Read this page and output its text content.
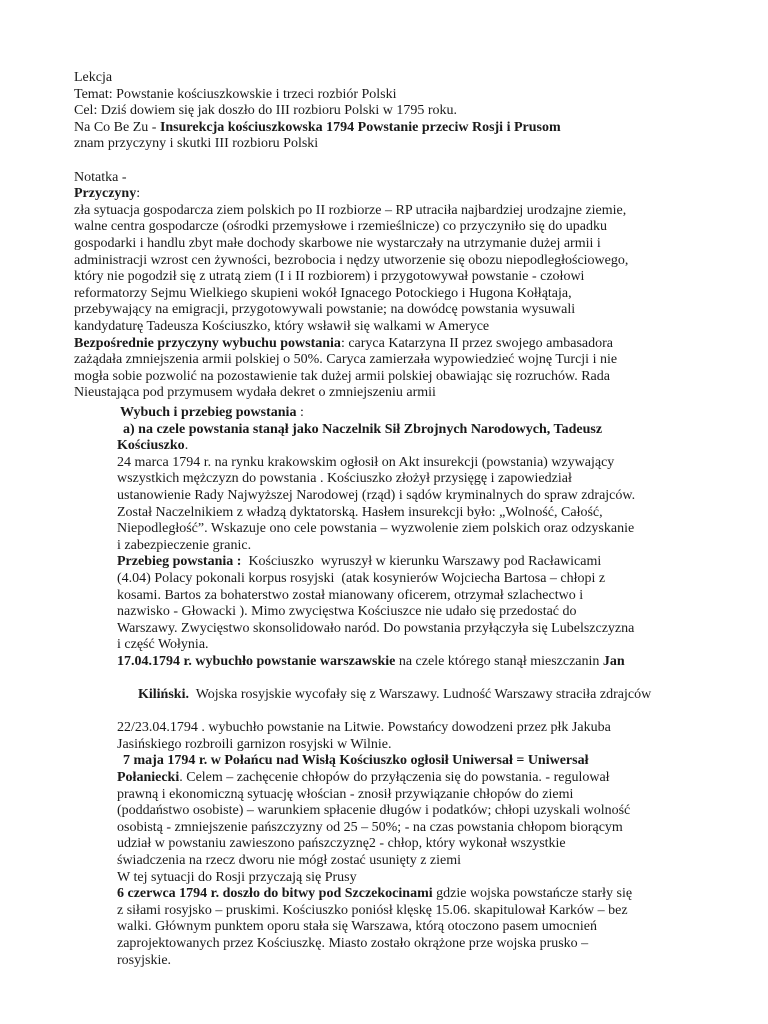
Lekcja
Temat: Powstanie kościuszkowskie i trzeci rozbiór Polski
Cel: Dziś dowiem się jak doszło do III rozbioru Polski w 1795 roku.
Na Co Be Zu - Insurekcja kościuszkowska 1794 Powstanie przeciw Rosji i Prusom
znam przyczyny i skutki III rozbioru Polski
Notatka -
Przyczyny:
zła sytuacja gospodarcza ziem polskich po II rozbiorze – RP utraciła najbardziej urodzajne ziemie,
walne centra gospodarcze (ośrodki przemysłowe i rzemieślnicze) co przyczyniło się do upadku
gospodarki i handlu zbyt małe dochody skarbowe nie wystarczały na utrzymanie dużej armii i
administracji wzrost cen żywności, bezrobocia i nędzy utworzenie się obozu niepodległościowego,
który nie pogodził się z utratą ziem (I i II rozbiorem) i przygotowywał powstanie - czołowi
reformatorzy Sejmu Wielkiego skupieni wokół Ignacego Potockiego i Hugona Kołłątaja,
przebywający na emigracji, przygotowywali powstanie; na dowódcę powstania wysuwali
kandydaturę Tadeusza Kościuszko, który wsławił się walkami w Ameryce
Bezpośrednie przyczyny wybuchu powstania: caryca Katarzyna II przez swojego ambasadora
zażądała zmniejszenia armii polskiej o 50%. Caryca zamierzała wypowiedzieć wojnę Turcji i nie
mogła sobie pozwolić na pozostawienie tak dużej armii polskiej obawiając się rozruchów. Rada
Nieustająca pod przymusem wydała dekret o zmniejszeniu armii
Wybuch i przebieg powstania :
a) na czele powstania stanął jako Naczelnik Sił Zbrojnych Narodowych, Tadeusz
Kościuszko.
24 marca 1794 r. na rynku krakowskim ogłosił on Akt insurekcji (powstania) wzywający
wszystkich mężczyzn do powstania . Kościuszko złożył przysięgę i zapowiedział
ustanowienie Rady Najwyższej Narodowej (rząd) i sądów kryminalnych do spraw zdrajców.
Został Naczelnikiem z władzą dyktatorską. Hasłem insurekcji było: „Wolność, Całość,
Niepodległość”. Wskazuje ono cele powstania – wyzwolenie ziem polskich oraz odzyskanie
i zabezpieczenie granic.
Przebieg powstania :  Kościuszko  wyruszył w kierunku Warszawy pod Racławicami
(4.04) Polacy pokonali korpus rosyjski  (atak kosynierów Wojciecha Bartosa – chłopi z
kosami. Bartos za bohaterstwo został mianowany oficerem, otrzymał szlachectwo i
nazwisko - Głowacki ). Mimo zwycięstwa Kościuszce nie udało się przedostać do
Warszawy. Zwycięstwo skonsolidowało naród. Do powstania przyłączyła się Lubelszczyzna
i część Wołynia.
17.04.1794 r. wybuchło powstanie warszawskie na czele którego stanął mieszczanin Jan

Kiliński.  Wojska rosyjskie wycofały się z Warszawy. Ludność Warszawy straciła zdrajców

22/23.04.1794 . wybuchło powstanie na Litwie. Powstańcy dowodzeni przez płk Jakuba
Jasińskiego rozbroili garnizon rosyjski w Wilnie.
7 maja 1794 r. w Połańcu nad Wisłą Kościuszko ogłosił Uniwersał = Uniwersał
Połaniecki. Celem – zachęcenie chłopów do przyłączenia się do powstania. - regulował
prawną i ekonomiczną sytuację włościan - znosił przywiązanie chłopów do ziemi
(poddaństwo osobiste) – warunkiem spłacenie długów i podatków; chłopi uzyskali wolność
osobistą - zmniejszenie pańszczyzny od 25 – 50%; - na czas powstania chłopom biorącym
udział w powstaniu zawieszono pańszczyznę2 - chłop, który wykonał wszystkie
świadczenia na rzecz dworu nie mógł zostać usunięty z ziemi
W tej sytuacji do Rosji przyczają się Prusy
6 czerwca 1794 r. doszło do bitwy pod Szczekocinami gdzie wojska powstańcze starły się
z siłami rosyjsko – pruskimi. Kościuszko poniósł klęskę 15.06. skapitulował Karków – bez
walki. Głównym punktem oporu stała się Warszawa, którą otoczono pasem umocnień
zaprojektowanych przez Kościuszkę. Miasto zostało okrążone prze wojska prusko –
rosyjskie.
